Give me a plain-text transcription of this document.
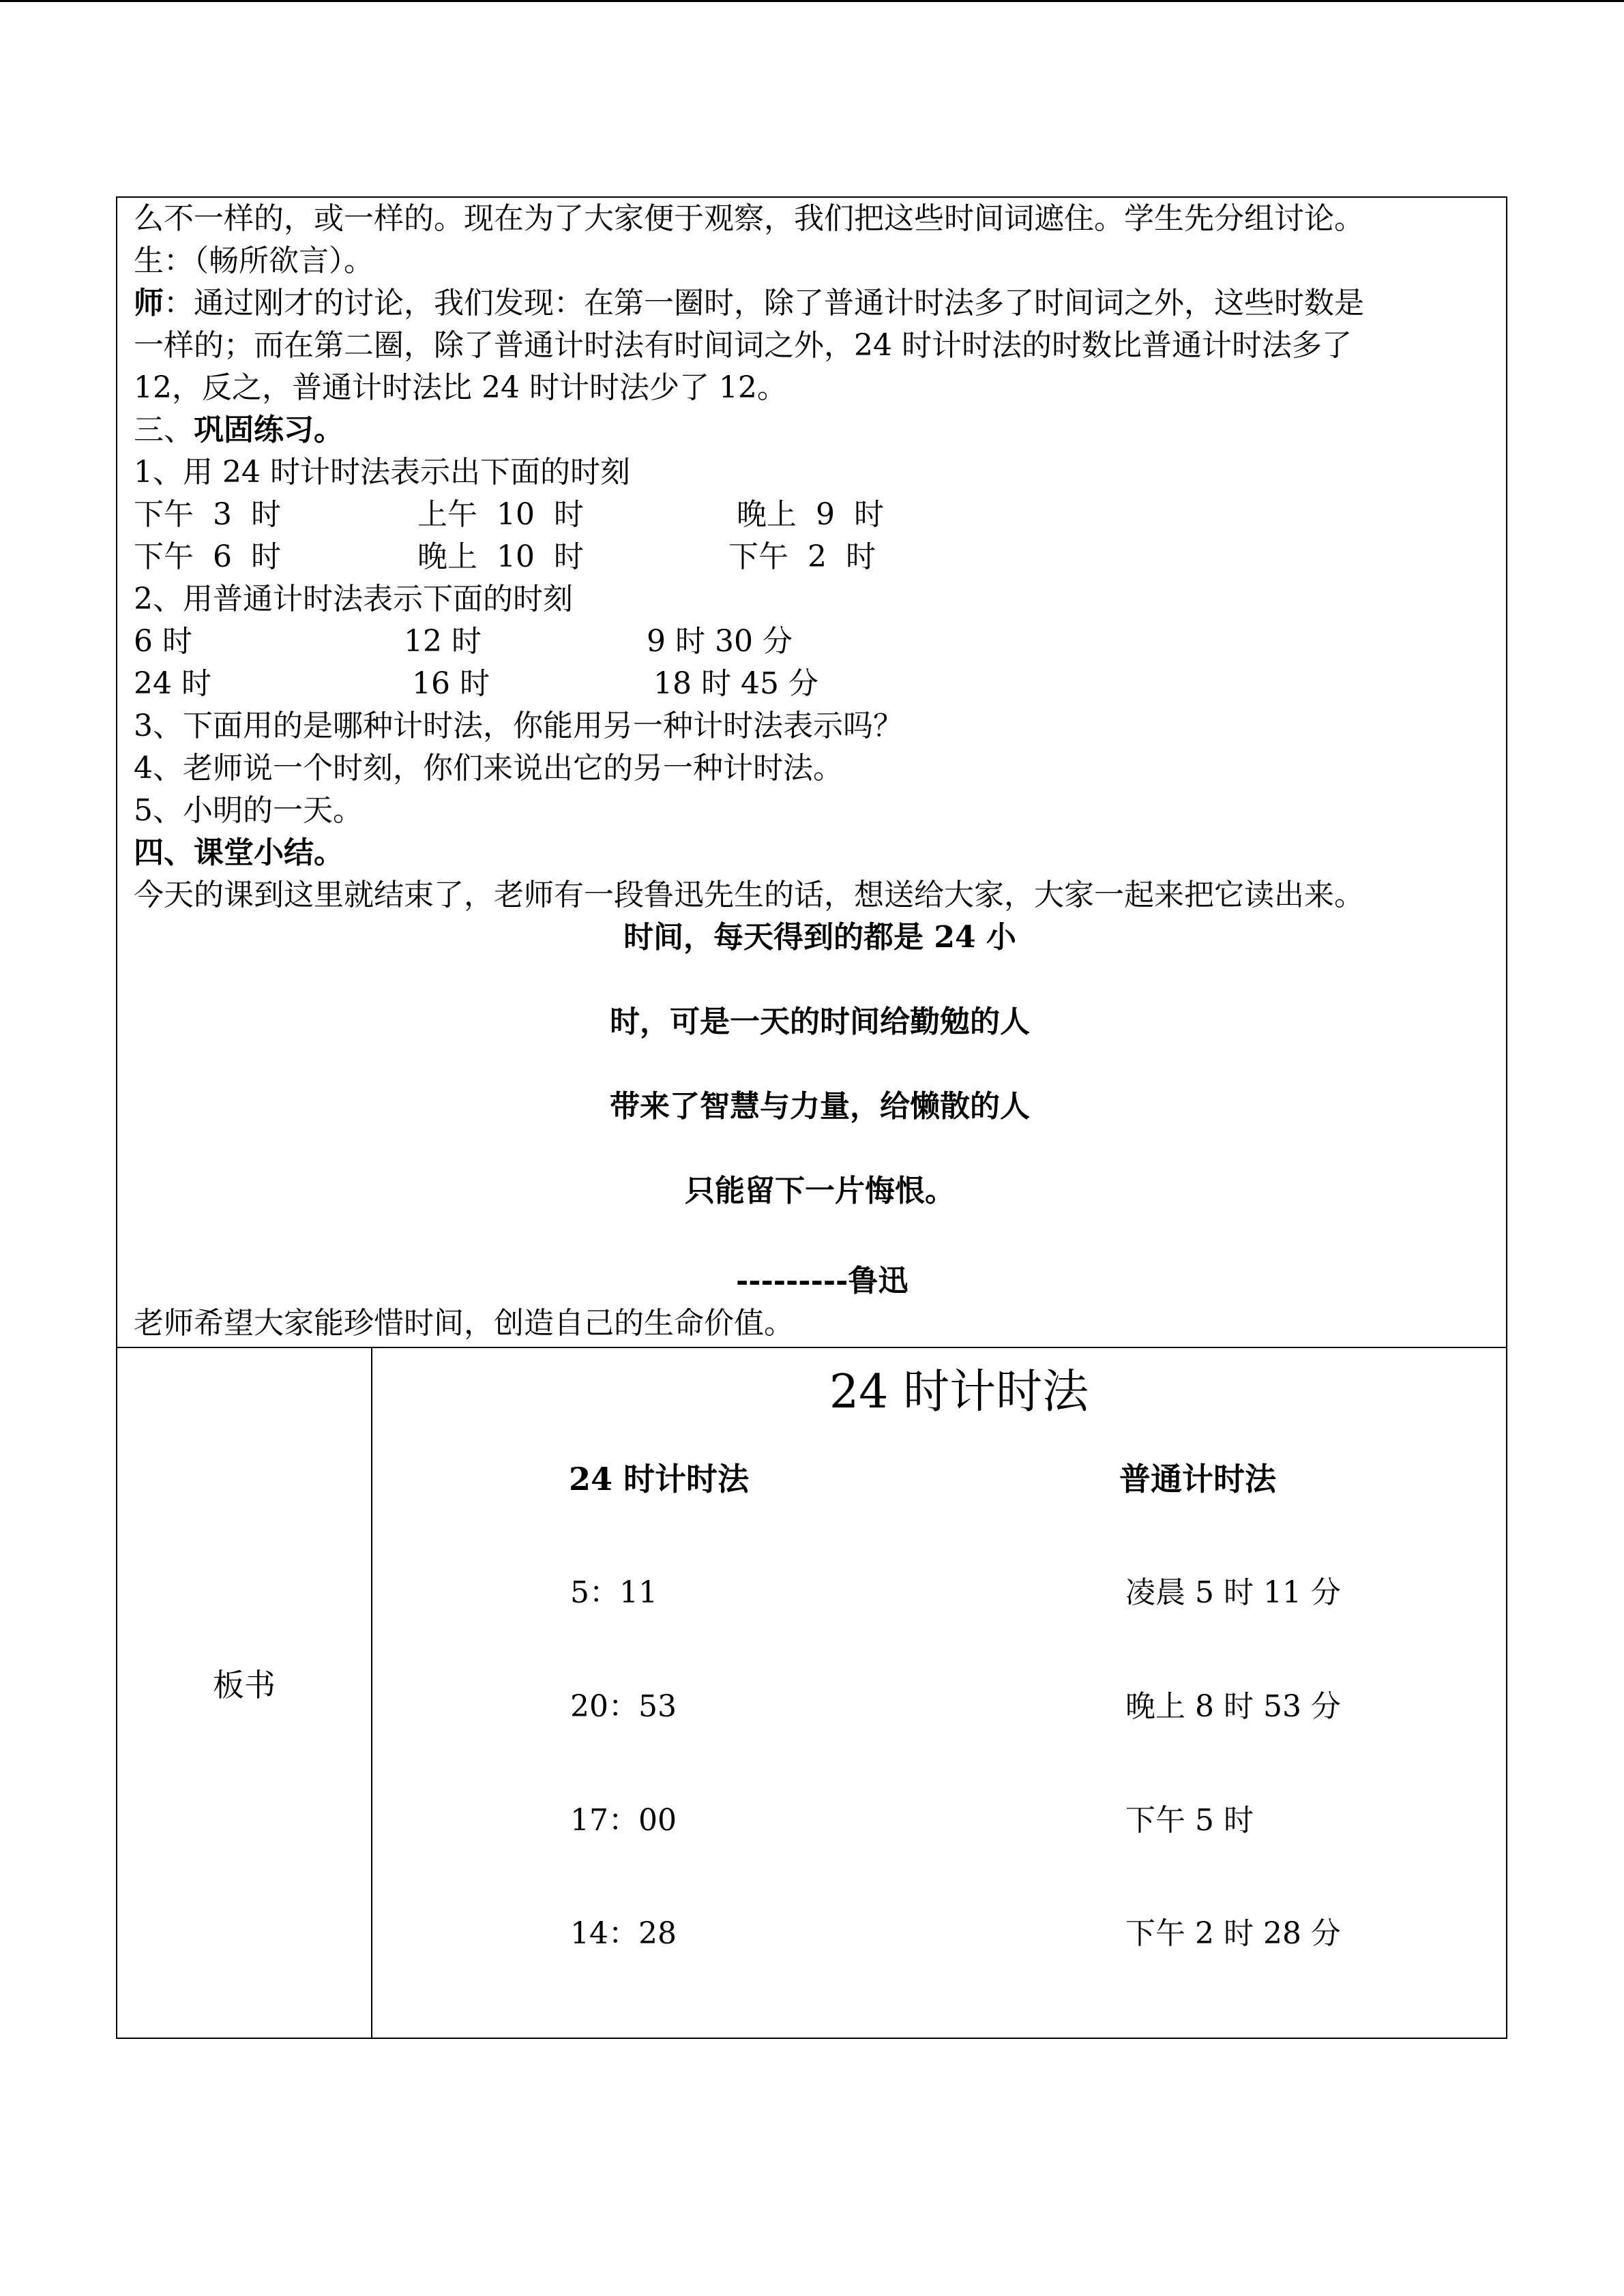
么不一样的，或一样的。现在为了大家便于观察，我们把这些时间词遮住。学生先分组讨论。
生：（畅所欲言）。
师：通过刚才的讨论，我们发现：在第一圈时，除了普通计时法多了时间词之外，这些时数是
一样的；而在第二圈，除了普通计时法有时间词之外，24 时计时法的时数比普通计时法多了
12，反之，普通计时法比 24 时计时法少了 12。
三、巩固练习。
1、用 24 时计时法表示出下面的时刻
下午  3  时	上午  10  时	晚上  9  时
下午  6  时	晚上  10  时	下午  2  时
2、用普通计时法表示下面的时刻
6 时	12 时	9 时 30 分
24 时	16 时	18 时 45 分
3、下面用的是哪种计时法，你能用另一种计时法表示吗？
4、老师说一个时刻，你们来说出它的另一种计时法。
5、小明的一天。
四、课堂小结。
今天的课到这里就结束了，老师有一段鲁迅先生的话，想送给大家，大家一起来把它读出来。
时间，每天得到的都是 24 小
时，可是一天的时间给勤勉的人
带来了智慧与力量，给懒散的人
只能留下一片悔恨。
---------鲁迅
老师希望大家能珍惜时间，创造自己的生命价值。
板书
24 时计时法
24 时计时法	普通计时法
5：11	凌晨 5 时 11 分
20：53	晚上 8 时 53 分
17：00	下午 5 时
14：28	下午 2 时 28 分
